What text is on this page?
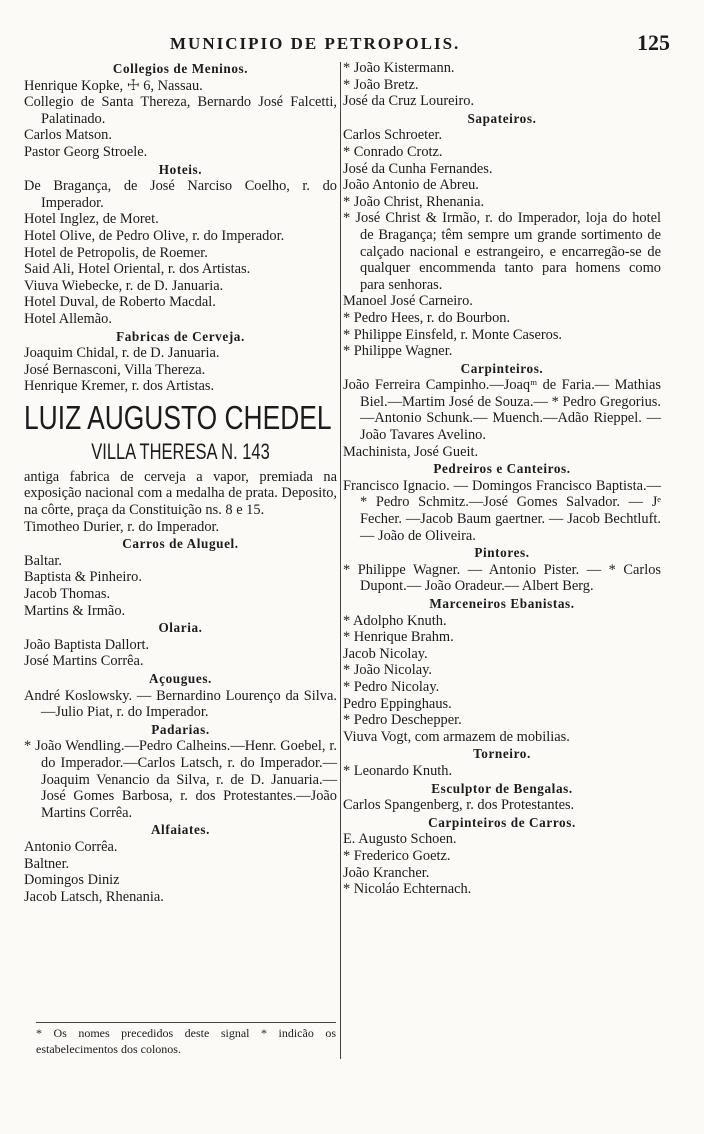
MUNICIPIO DE PETROPOLIS.	125
Collegios de Meninos.
Henrique Kopke, ☩ 6, Nassau.
Collegio de Santa Thereza, Bernardo José Falcetti, Palatinado.
Carlos Matson.
Pastor Georg Stroele.
Hoteis.
De Bragança, de José Narciso Coelho, r. do Imperador.
Hotel Inglez, de Moret.
Hotel Olive, de Pedro Olive, r. do Imperador.
Hotel de Petropolis, de Roemer.
Said Ali, Hotel Oriental, r. dos Artistas.
Viuva Wiebecke, r. de D. Januaria.
Hotel Duval, de Roberto Macdal.
Hotel Allemão.
Fabricas de Cerveja.
Joaquim Chidal, r. de D. Januaria.
José Bernasconi, Villa Thereza.
Henrique Kremer, r. dos Artistas.
LUIZ AUGUSTO CHEDEL
VILLA THERESA N. 143
antiga fabrica de cerveja a vapor, premiada na exposição nacional com a medalha de prata. Deposito, na côrte, praça da Constituição ns. 8 e 15.
Timotheo Durier, r. do Imperador.
Carros de Aluguel.
Baltar.
Baptista & Pinheiro.
Jacob Thomas.
Martins & Irmão.
Olaria.
João Baptista Dallort.
José Martins Corrêa.
Açougues.
André Koslowsky. — Bernardino Lourenço da Silva.—Julio Piat, r. do Imperador.
Padarias.
* João Wendling.—Pedro Calheins.—Henr. Goebel, r. do Imperador.—Carlos Latsch, r. do Imperador.— Joaquim Venancio da Silva, r. de D. Januaria.—José Gomes Barbosa, r. dos Protestantes.—João Martins Corrêa.
Alfaiates.
Antonio Corrêa.
Baltner.
Domingos Diniz
Jacob Latsch, Rhenania.
* João Kistermann.
* João Bretz.
José da Cruz Loureiro.
Sapateiros.
Carlos Schroeter.
* Conrado Crotz.
José da Cunha Fernandes.
João Antonio de Abreu.
* João Christ, Rhenania.
* José Christ & Irmão, r. do Imperador, loja do hotel de Bragança; têm sempre um grande sortimento de calçado nacional e estrangeiro, e encarregão-se de qualquer encommenda tanto para homens como para senhoras.
Manoel José Carneiro.
* Pedro Hees, r. do Bourbon.
* Philippe Einsfeld, r. Monte Caseros.
* Philippe Wagner.
Carpinteiros.
João Ferreira Campinho.—Joaqᵐ de Faria.— Mathias Biel.—Martim José de Souza.— * Pedro Gregorius.—Antonio Schunk.— Muench.—Adão Rieppel. — João Tavares Avelino.
Machinista, José Gueit.
Pedreiros e Canteiros.
Francisco Ignacio. — Domingos Francisco Baptista.—* Pedro Schmitz.—José Gomes Salvador. — Jᵉ Fecher. —Jacob Baum gaertner. — Jacob Bechtluft. — João de Oliveira.
Pintores.
* Philippe Wagner. — Antonio Pister. — * Carlos Dupont.— João Oradeur.— Albert Berg.
Marceneiros Ebanistas.
* Adolpho Knuth.
* Henrique Brahm.
Jacob Nicolay.
* João Nicolay.
* Pedro Nicolay.
Pedro Eppinghaus.
* Pedro Deschepper.
Viuva Vogt, com armazem de mobilias.
Torneiro.
* Leonardo Knuth.
Esculptor de Bengalas.
Carlos Spangenberg, r. dos Protestantes.
Carpinteiros de Carros.
E. Augusto Schoen.
* Frederico Goetz.
João Krancher.
* Nicoláo Echternach.
* Os nomes precedidos deste signal * indicão os estabelecimentos dos colonos.
